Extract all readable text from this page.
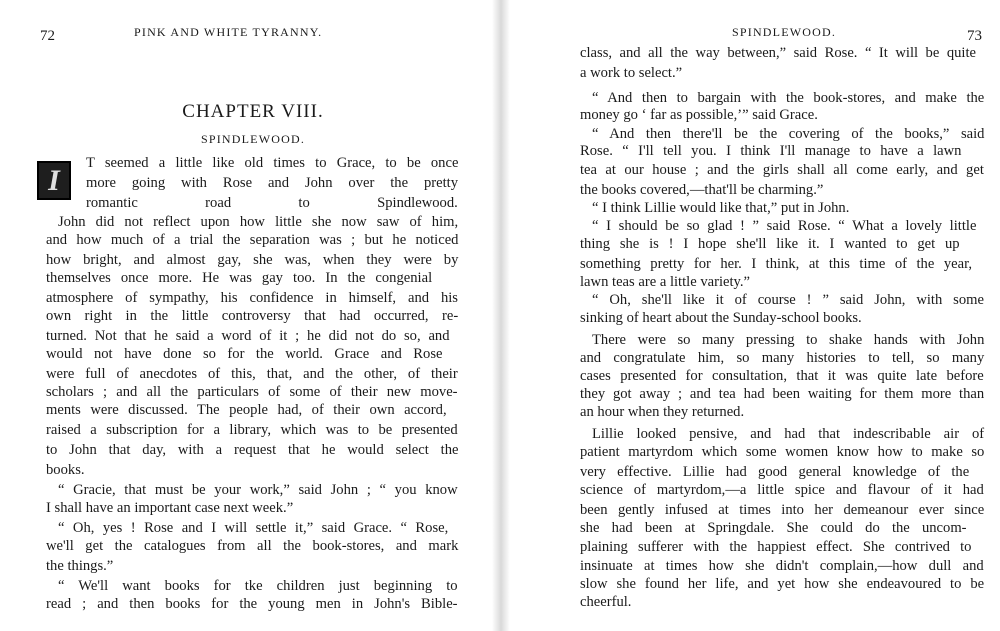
72	PINK AND WHITE TYRANNY.
CHAPTER VIII.
SPINDLEWOOD.
I
T seemed a little like old times to Grace, to be once
more going with Rose and John over the pretty
romantic road to Spindlewood.
John did not reflect upon how little she now saw of him,
and how much of a trial the separation was ; but he noticed
how bright, and almost gay, she was, when they were by
themselves once more. He was gay too. In the congenial
atmosphere of sympathy, his confidence in himself, and his
own right in the little controversy that had occurred, re-
turned. Not that he said a word of it ; he did not do so, and
would not have done so for the world. Grace and Rose
were full of anecdotes of this, that, and the other, of their
scholars ; and all the particulars of some of their new move-
ments were discussed. The people had, of their own accord,
raised a subscription for a library, which was to be presented
to John that day, with a request that he would select the
books.
“ Gracie, that must be your work,” said John ; “ you know
I shall have an important case next week.”
“ Oh, yes ! Rose and I will settle it,” said Grace. “ Rose,
we'll get the catalogues from all the book-stores, and mark
the things.”
“ We'll want books for tke children just beginning to
read ; and then books for the young men in John's Bible-
SPINDLEWOOD.	73
class, and all the way between,” said Rose. “ It will be quite
a work to select.”
“ And then to bargain with the book-stores, and make the
money go ‘ far as possible,’” said Grace.
“ And then there'll be the covering of the books,” said
Rose. “ I'll tell you. I think I'll manage to have a lawn
tea at our house ; and the girls shall all come early, and get
the books covered,—that'll be charming.”
“ I think Lillie would like that,” put in John.
“ I should be so glad ! ” said Rose. “ What a lovely little
thing she is ! I hope she'll like it. I wanted to get up
something pretty for her. I think, at this time of the year,
lawn teas are a little variety.”
“ Oh, she'll like it of course ! ” said John, with some
sinking of heart about the Sunday-school books.
There were so many pressing to shake hands with John
and congratulate him, so many histories to tell, so many
cases presented for consultation, that it was quite late before
they got away ; and tea had been waiting for them more than
an hour when they returned.
Lillie looked pensive, and had that indescribable air of
patient martyrdom which some women know how to make so
very effective. Lillie had good general knowledge of the
science of martyrdom,—a little spice and flavour of it had
been gently infused at times into her demeanour ever since
she had been at Springdale. She could do the uncom-
plaining sufferer with the happiest effect. She contrived to
insinuate at times how she didn't complain,—how dull and
slow she found her life, and yet how she endeavoured to be
cheerful.
